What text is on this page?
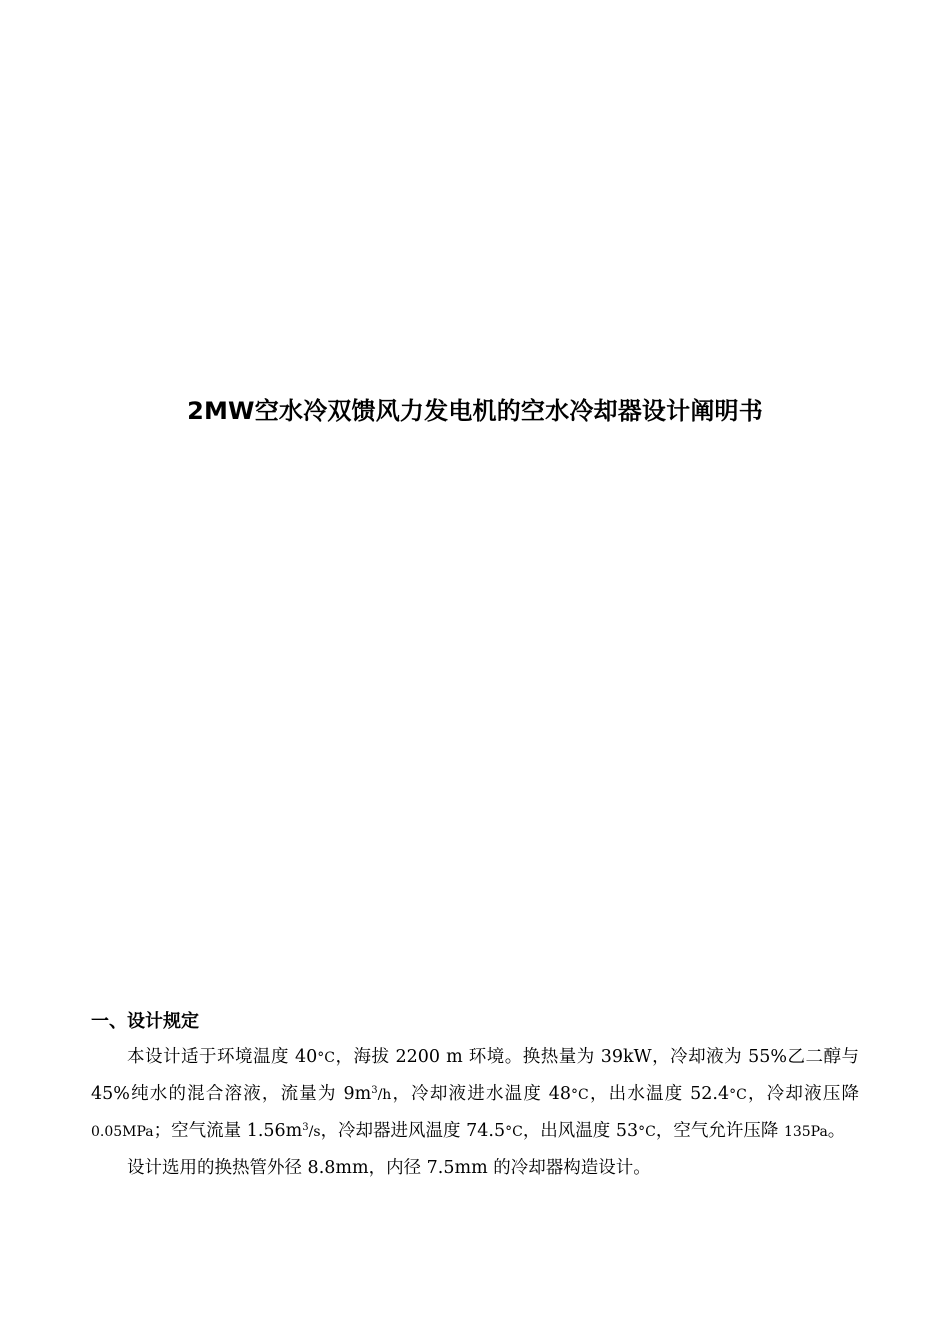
2MW空水冷双馈风力发电机的空水冷却器设计阐明书
一、设计规定

本设计适于环境温度 40°C，海拔 2200 m 环境。换热量为 39kW，冷却液为 55%乙二醇与 45%纯水的混合溶液，流量为 $9m^3/h$，冷却液进水温度 48°C，出水温度 52.4°C，冷却液压降 0.05MPa；空气流量 $1.56m^3/s$，冷却器进风温度 74.5°C，出风温度 53°C，空气允许压降 135Pa。

设计选用的换热管外径 8.8mm，内径 7.5mm 的冷却器构造设计。
